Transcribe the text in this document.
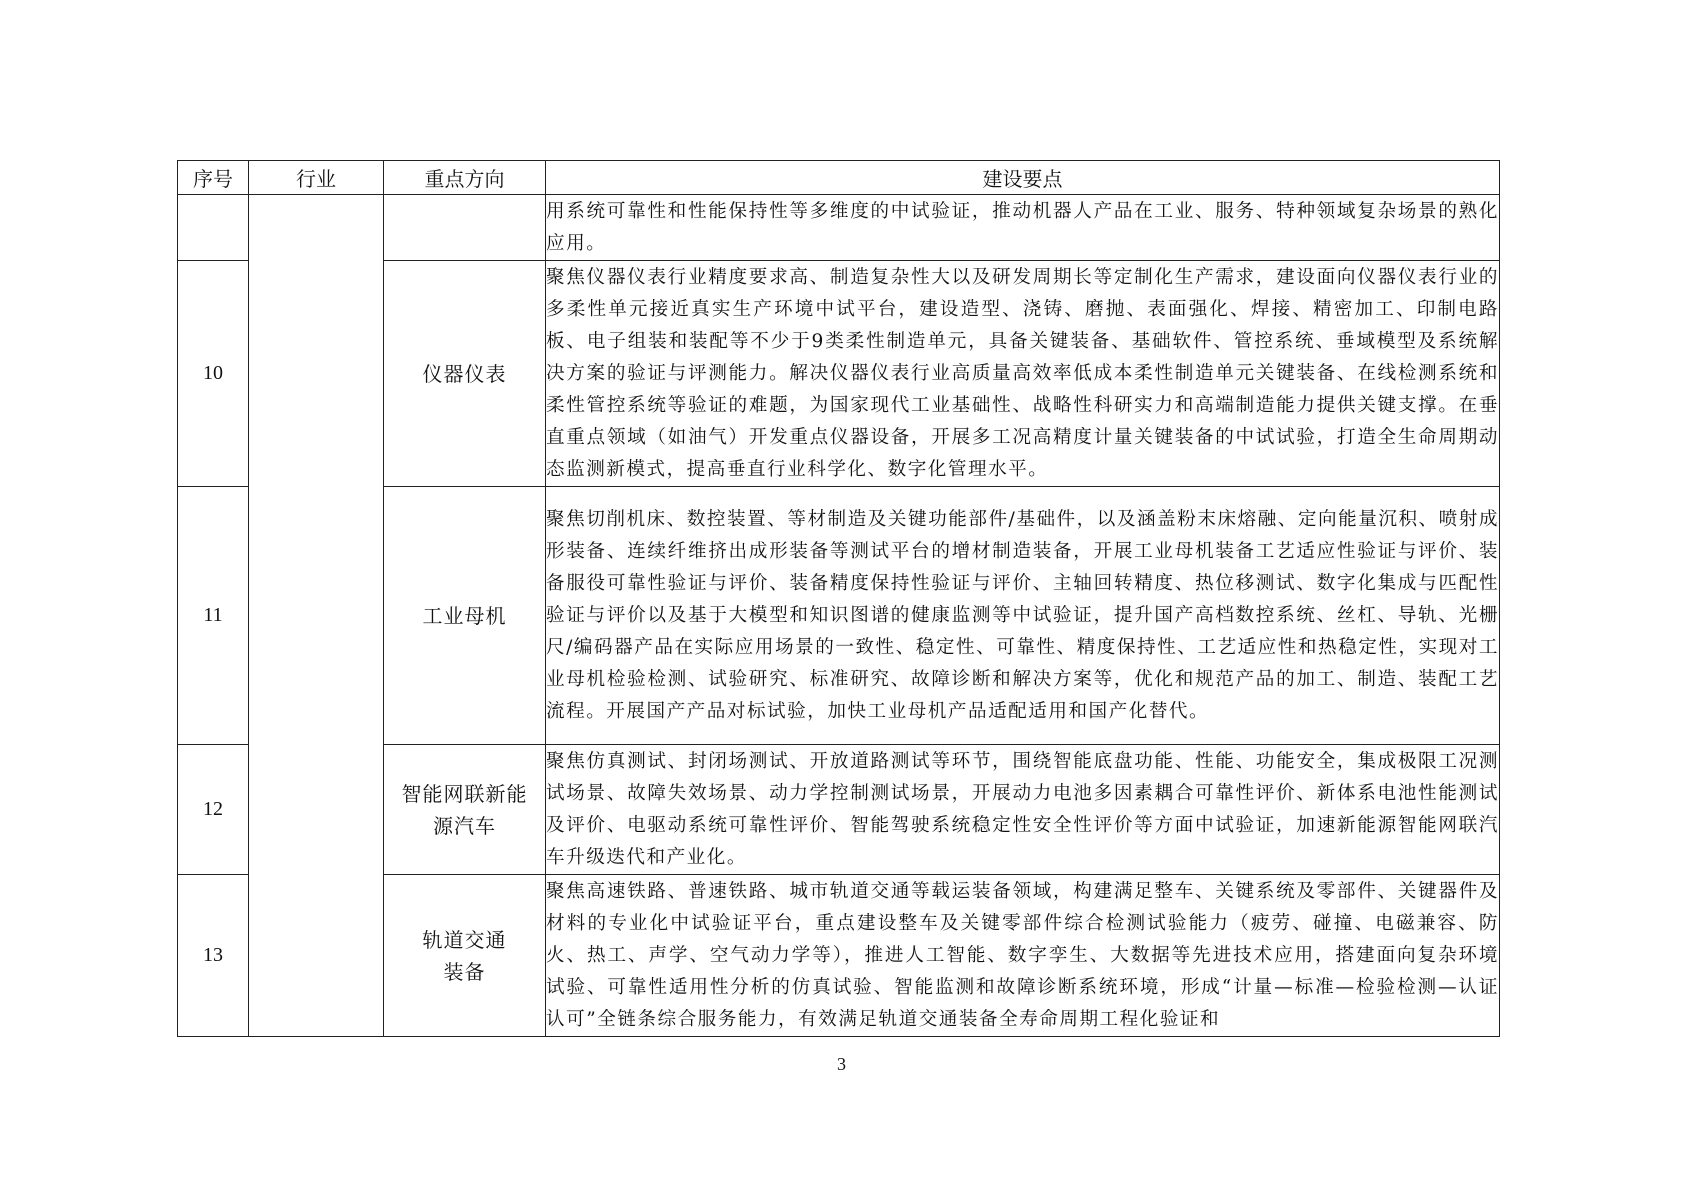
序号	行业	重点方向	建设要点
			用系统可靠性和性能保持性等多维度的中试验证，推动机器人产品在工业、服务、特种领域复杂场景的熟化应用。
10		仪器仪表	聚焦仪器仪表行业精度要求高、制造复杂性大以及研发周期长等定制化生产需求，建设面向仪器仪表行业的多柔性单元接近真实生产环境中试平台，建设造型、浇铸、磨抛、表面强化、焊接、精密加工、印制电路板、电子组装和装配等不少于9类柔性制造单元，具备关键装备、基础软件、管控系统、垂域模型及系统解决方案的验证与评测能力。解决仪器仪表行业高质量高效率低成本柔性制造单元关键装备、在线检测系统和柔性管控系统等验证的难题，为国家现代工业基础性、战略性科研实力和高端制造能力提供关键支撑。在垂直重点领域（如油气）开发重点仪器设备，开展多工况高精度计量关键装备的中试试验，打造全生命周期动态监测新模式，提高垂直行业科学化、数字化管理水平。
11		工业母机	聚焦切削机床、数控装置、等材制造及关键功能部件/基础件，以及涵盖粉末床熔融、定向能量沉积、喷射成形装备、连续纤维挤出成形装备等测试平台的增材制造装备，开展工业母机装备工艺适应性验证与评价、装备服役可靠性验证与评价、装备精度保持性验证与评价、主轴回转精度、热位移测试、数字化集成与匹配性验证与评价以及基于大模型和知识图谱的健康监测等中试验证，提升国产高档数控系统、丝杠、导轨、光栅尺/编码器产品在实际应用场景的一致性、稳定性、可靠性、精度保持性、工艺适应性和热稳定性，实现对工业母机检验检测、试验研究、标准研究、故障诊断和解决方案等，优化和规范产品的加工、制造、装配工艺流程。开展国产产品对标试验，加快工业母机产品适配适用和国产化替代。
12		智能网联新能源汽车	聚焦仿真测试、封闭场测试、开放道路测试等环节，围绕智能底盘功能、性能、功能安全，集成极限工况测试场景、故障失效场景、动力学控制测试场景，开展动力电池多因素耦合可靠性评价、新体系电池性能测试及评价、电驱动系统可靠性评价、智能驾驶系统稳定性安全性评价等方面中试验证，加速新能源智能网联汽车升级迭代和产业化。
13		轨道交通装备	聚焦高速铁路、普速铁路、城市轨道交通等载运装备领域，构建满足整车、关键系统及零部件、关键器件及材料的专业化中试验证平台，重点建设整车及关键零部件综合检测试验能力（疲劳、碰撞、电磁兼容、防火、热工、声学、空气动力学等），推进人工智能、数字孪生、大数据等先进技术应用，搭建面向复杂环境试验、可靠性适用性分析的仿真试验、智能监测和故障诊断系统环境，形成“计量—标准—检验检测—认证认可”全链条综合服务能力，有效满足轨道交通装备全寿命周期工程化验证和
3
